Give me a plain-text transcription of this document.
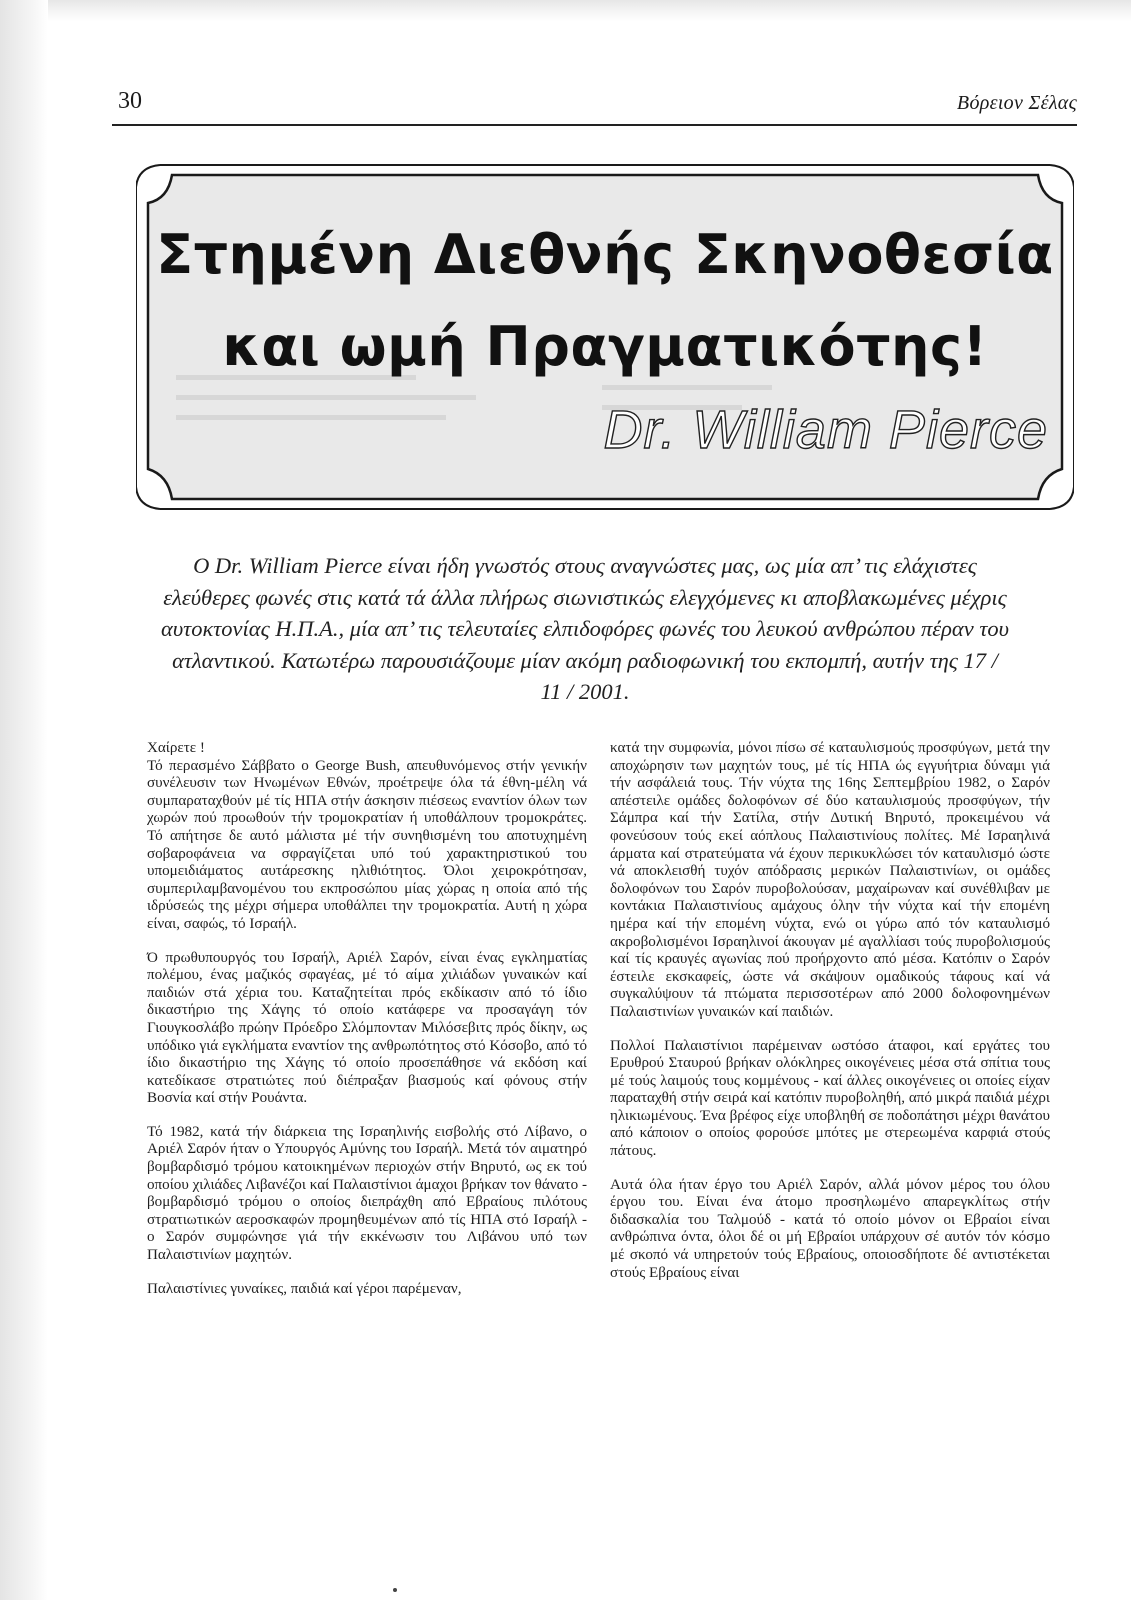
30	Βόρειον Σέλας
Στημένη Διεθνής Σκηνοθεσία
και ωμή Πραγματικότης!
Dr. William Pierce
Ο Dr. William Pierce είναι ήδη γνωστός στους αναγνώστες μας, ως μία απ’ τις ελάχιστες ελεύθερες φωνές στις κατά τά άλλα πλήρως σιωνιστικώς ελεγχόμενες κι αποβλακωμένες μέχρις αυτοκτονίας Η.Π.Α., μία απ’ τις τελευταίες ελπιδοφόρες φωνές του λευκού ανθρώπου πέραν του ατλαντικού. Κατωτέρω παρουσιάζουμε μίαν ακόμη ραδιοφωνική του εκπομπή, αυτήν της 17 / 11 / 2001.

Χαίρετε !
Τό περασμένο Σάββατο ο George Bush, απευθυνόμενος στήν γενικήν συνέλευσιν των Ηνωμένων Εθνών, προέτρεψε όλα τά έθνη-μέλη νά συμπαραταχθούν μέ τίς ΗΠΑ στήν άσκησιν πιέσεως εναντίον όλων των χωρών πού προωθούν τήν τρομοκρατίαν ή υποθάλπουν τρομοκράτες. Τό απήτησε δε αυτό μάλιστα μέ τήν συνηθισμένη του αποτυχημένη σοβαροφάνεια να σφραγίζεται υπό τού χαρακτηριστικού του υπομειδιάματος αυτάρεσκης ηλιθιότητος. Όλοι χειροκρότησαν, συμπεριλαμβανομένου του εκπροσώπου μίας χώρας η οποία από τής ιδρύσεώς της μέχρι σήμερα υποθάλπει την τρομοκρατία. Αυτή η χώρα είναι, σαφώς, τό Ισραήλ.

Ό πρωθυπουργός του Ισραήλ, Αριέλ Σαρόν, είναι ένας εγκληματίας πολέμου, ένας μαζικός σφαγέας, μέ τό αίμα χιλιάδων γυναικών καί παιδιών στά χέρια του. Καταζητείται πρός εκδίκασιν από τό ίδιο δικαστήριο της Χάγης τό οποίο κατάφερε να προσαγάγη τόν Γιουγκοσλάβο πρώην Πρόεδρο Σλόμπονταν Μιλόσεβιτς πρός δίκην, ως υπόδικο γιά εγκλήματα εναντίον της ανθρωπότητος στό Κόσοβο, από τό ίδιο δικαστήριο της Χάγης τό οποίο προσεπάθησε νά εκδόση καί κατεδίκασε στρατιώτες πού διέπραξαν βιασμούς καί φόνους στήν Βοσνία καί στήν Ρουάντα.

Τό 1982, κατά τήν διάρκεια της Ισραηλινής εισβολής στό Λίβανο, ο Αριέλ Σαρόν ήταν ο Υπουργός Αμύνης του Ισραήλ. Μετά τόν αιματηρό βομβαρδισμό τρόμου κατοικημένων περιοχών στήν Βηρυτό, ως εκ τού οποίου χιλιάδες Λιβανέζοι καί Παλαιστίνιοι άμαχοι βρήκαν τον θάνατο - βομβαρδισμό τρόμου ο οποίος διεπράχθη από Εβραίους πιλότους στρατιωτικών αεροσκαφών προμηθευμένων από τίς ΗΠΑ στό Ισραήλ - ο Σαρόν συμφώνησε γιά τήν εκκένωσιν του Λιβάνου υπό των Παλαιστινίων μαχητών.

Παλαιστίνιες γυναίκες, παιδιά καί γέροι παρέμεναν,

κατά την συμφωνία, μόνοι πίσω σέ καταυλισμούς προσφύγων, μετά την αποχώρησιν των μαχητών τους, μέ τίς ΗΠΑ ώς εγγυήτρια δύναμι γιά τήν ασφάλειά τους. Τήν νύχτα της 16ης Σεπτεμβρίου 1982, ο Σαρόν απέστειλε ομάδες δολοφόνων σέ δύο καταυλισμούς προσφύγων, τήν Σάμπρα καί τήν Σατίλα, στήν Δυτική Βηρυτό, προκειμένου νά φονεύσουν τούς εκεί αόπλους Παλαιστινίους πολίτες. Μέ Ισραηλινά άρματα καί στρατεύματα νά έχουν περικυκλώσει τόν καταυλισμό ώστε νά αποκλεισθή τυχόν απόδρασις μερικών Παλαιστινίων, οι ομάδες δολοφόνων του Σαρόν πυροβολούσαν, μαχαίρωναν καί συνέθλιβαν με κοντάκια Παλαιστινίους αμάχους όλην τήν νύχτα καί τήν επομένη ημέρα καί τήν επομένη νύχτα, ενώ οι γύρω από τόν καταυλισμό ακροβολισμένοι Ισραηλινοί άκουγαν μέ αγαλλίασι τούς πυροβολισμούς καί τίς κραυγές αγωνίας πού προήρχοντο από μέσα. Κατόπιν ο Σαρόν έστειλε εκσκαφείς, ώστε νά σκάψουν ομαδικούς τάφους καί νά συγκαλύψουν τά πτώματα περισσοτέρων από 2000 δολοφονημένων Παλαιστινίων γυναικών καί παιδιών.

Πολλοί Παλαιστίνιοι παρέμειναν ωστόσο άταφοι, καί εργάτες του Ερυθρού Σταυρού βρήκαν ολόκληρες οικογένειες μέσα στά σπίτια τους μέ τούς λαιμούς τους κομμένους - καί άλλες οικογένειες οι οποίες είχαν παραταχθή στήν σειρά καί κατόπιν πυροβοληθή, από μικρά παιδιά μέχρι ηλικιωμένους. Ένα βρέφος είχε υποβληθή σε ποδοπάτησι μέχρι θανάτου από κάποιον ο οποίος φορούσε μπότες με στερεωμένα καρφιά στούς πάτους.

Αυτά όλα ήταν έργο του Αριέλ Σαρόν, αλλά μόνον μέρος του όλου έργου του. Είναι ένα άτομο προσηλωμένο απαρεγκλίτως στήν διδασκαλία του Ταλμούδ - κατά τό οποίο μόνον οι Εβραίοι είναι ανθρώπινα όντα, όλοι δέ οι μή Εβραίοι υπάρχουν σέ αυτόν τόν κόσμο μέ σκοπό νά υπηρετούν τούς Εβραίους, οποιοσδήποτε δέ αντιστέκεται στούς Εβραίους είναι
